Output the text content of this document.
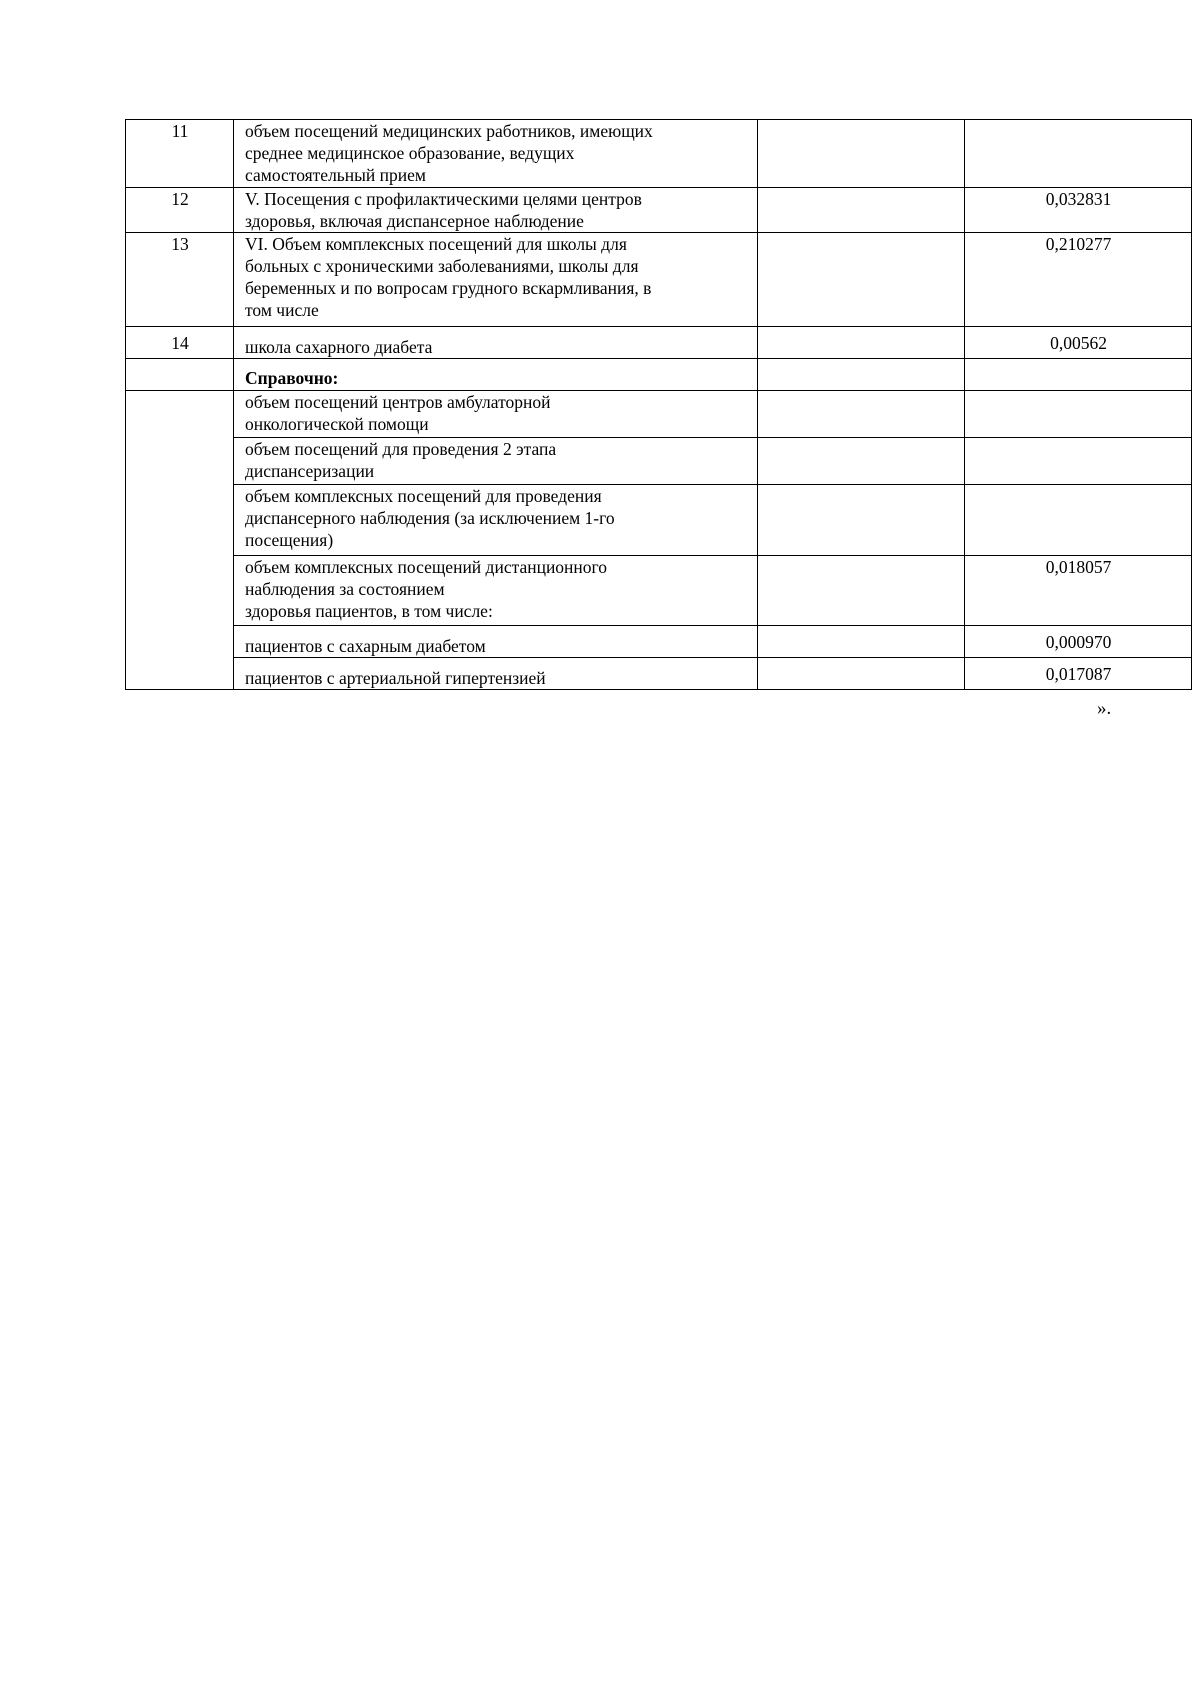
11	объем посещений медицинских работников, имеющих
среднее медицинское образование, ведущих
самостоятельный прием		

12	V. Посещения с профилактическими целями центров
здоровья, включая диспансерное наблюдение		0,032831
13	VI. Объем комплексных посещений для школы для
больных с хроническими заболеваниями, школы для
беременных и по вопросам грудного вскармливания, в
том числе		0,210277
14	школа сахарного диабета		0,00562

	Справочно:		

	объем посещений центров амбулаторной
онкологической помощи		

	объем посещений для проведения 2 этапа
диспансеризации		

	объем комплексных посещений для проведения
диспансерного наблюдения (за исключением 1-го
посещения)		

	объем комплексных посещений дистанционного
наблюдения за состоянием
здоровья пациентов, в том числе:		0,018057

	пациентов с сахарным диабетом		0,000970

	пациентов с артериальной гипертензией		0,017087
».
